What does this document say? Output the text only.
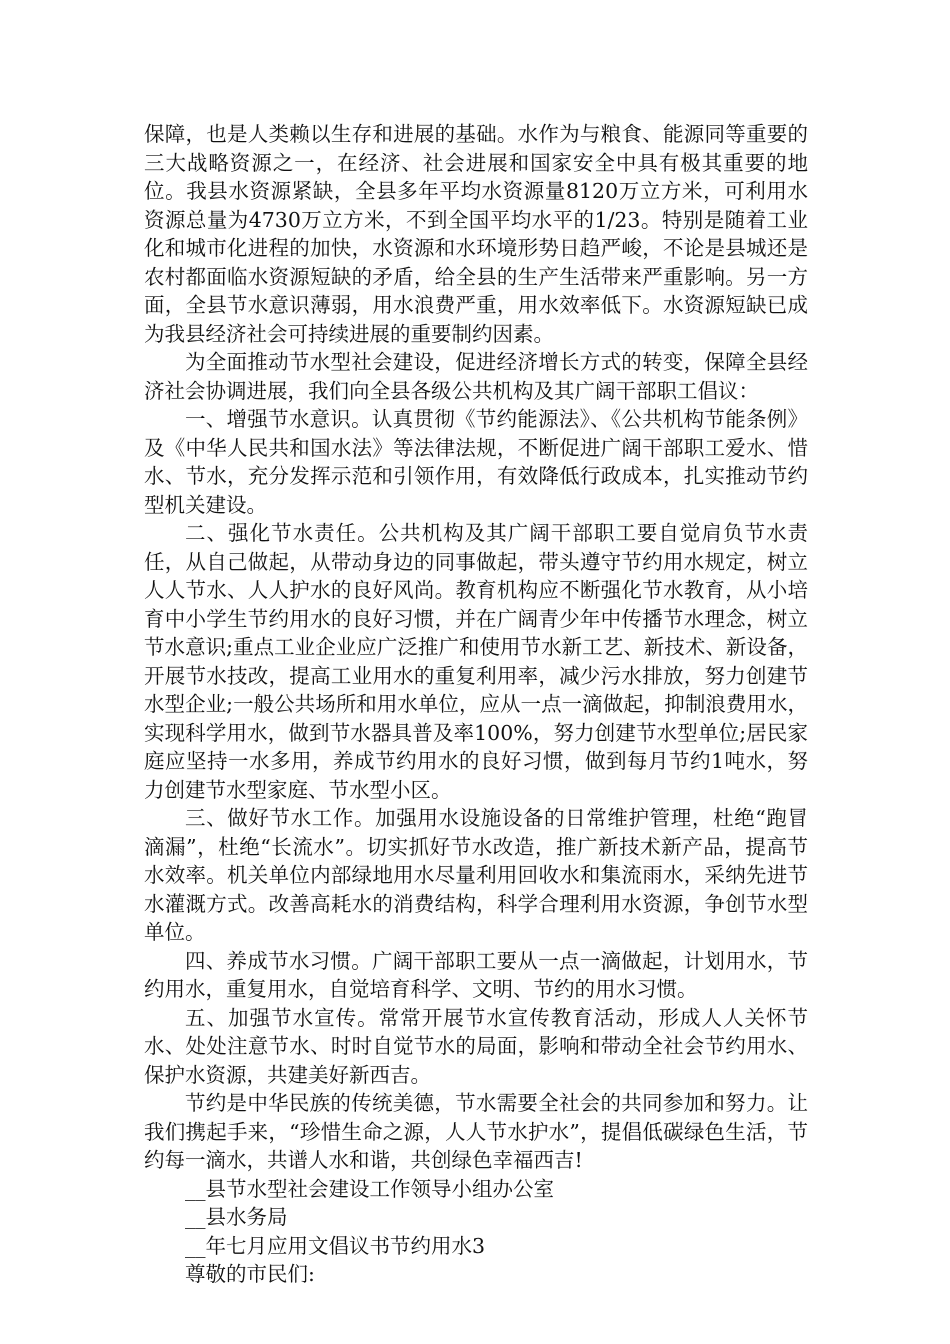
保障，也是人类赖以生存和进展的基础。水作为与粮食、能源同等重要的三大战略资源之一，在经济、社会进展和国家安全中具有极其重要的地位。我县水资源紧缺，全县多年平均水资源量8120万立方米，可利用水资源总量为4730万立方米，不到全国平均水平的1/23。特别是随着工业化和城市化进程的加快，水资源和水环境形势日趋严峻，不论是县城还是农村都面临水资源短缺的矛盾，给全县的生产生活带来严重影响。另一方面，全县节水意识薄弱，用水浪费严重，用水效率低下。水资源短缺已成为我县经济社会可持续进展的重要制约因素。

为全面推动节水型社会建设，促进经济增长方式的转变，保障全县经济社会协调进展，我们向全县各级公共机构及其广阔干部职工倡议：

一、增强节水意识。认真贯彻《节约能源法》、《公共机构节能条例》及《中华人民共和国水法》等法律法规，不断促进广阔干部职工爱水、惜水、节水，充分发挥示范和引领作用，有效降低行政成本，扎实推动节约型机关建设。

二、强化节水责任。公共机构及其广阔干部职工要自觉肩负节水责任，从自己做起，从带动身边的同事做起，带头遵守节约用水规定，树立人人节水、人人护水的良好风尚。教育机构应不断强化节水教育，从小培育中小学生节约用水的良好习惯，并在广阔青少年中传播节水理念，树立节水意识;重点工业企业应广泛推广和使用节水新工艺、新技术、新设备，开展节水技改，提高工业用水的重复利用率，减少污水排放，努力创建节水型企业;一般公共场所和用水单位，应从一点一滴做起，抑制浪费用水，实现科学用水，做到节水器具普及率100%，努力创建节水型单位;居民家庭应坚持一水多用，养成节约用水的良好习惯，做到每月节约1吨水，努力创建节水型家庭、节水型小区。

三、做好节水工作。加强用水设施设备的日常维护管理，杜绝“跑冒滴漏”，杜绝“长流水”。切实抓好节水改造，推广新技术新产品，提高节水效率。机关单位内部绿地用水尽量利用回收水和集流雨水，采纳先进节水灌溉方式。改善高耗水的消费结构，科学合理利用水资源，争创节水型单位。

四、养成节水习惯。广阔干部职工要从一点一滴做起，计划用水，节约用水，重复用水，自觉培育科学、文明、节约的用水习惯。

五、加强节水宣传。常常开展节水宣传教育活动，形成人人关怀节水、处处注意节水、时时自觉节水的局面，影响和带动全社会节约用水、保护水资源，共建美好新西吉。

节约是中华民族的传统美德，节水需要全社会的共同参加和努力。让我们携起手来，“珍惜生命之源，人人节水护水”，提倡低碳绿色生活，节约每一滴水，共谱人水和谐，共创绿色幸福西吉!

__县节水型社会建设工作领导小组办公室

__县水务局

__年七月应用文倡议书节约用水3

尊敬的市民们:
